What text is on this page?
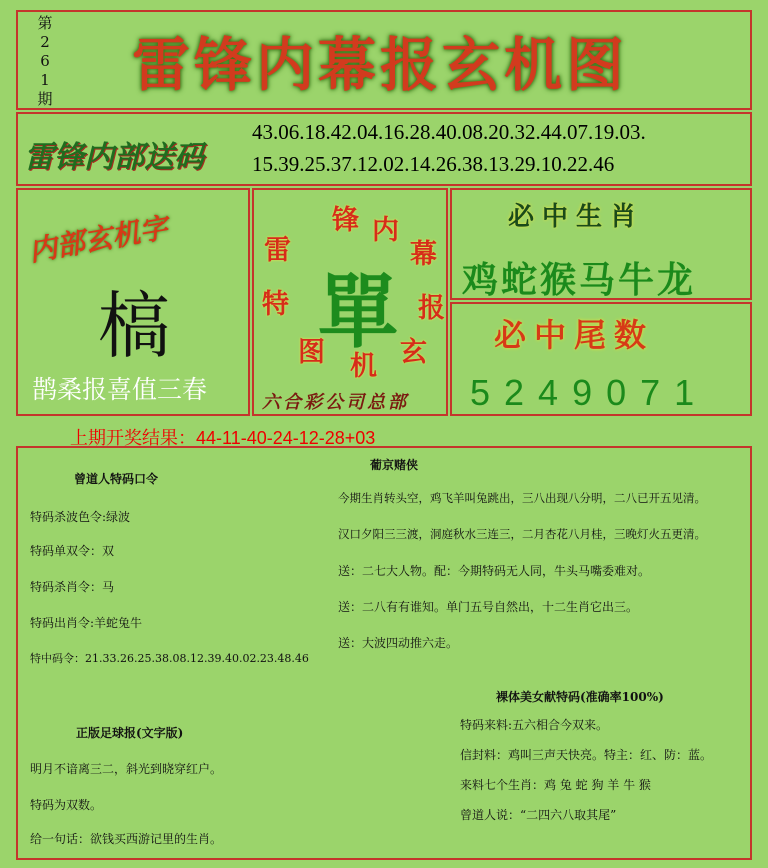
第
2
6
1
期	雷锋内幕报玄机图
雷锋内部送码
43.06.18.42.04.16.28.40.08.20.32.44.07.19.03.
15.39.25.37.12.02.14.26.38.13.29.10.22.46
内部玄机字
槁
鹊桑报喜值三春
雷
锋 内
幕
报
玄
机
图
特 單
六合彩公司总部
必中生肖
鸡蛇猴马牛龙
必中尾数
5249071
上期开奖结果：44-11-40-24-12-28+03
曾道人特码口令
特码杀波色令:绿波
特码单双令：双
特码杀肖令：马
特码出肖令:羊蛇兔牛
特中码令：21.33.26.25.38.08.12.39.40.02.23.48.46
正版足球报(文字版)
明月不谙离三二，斜光到晓穿红户。
特码为双数。
给一句话：欲钱买西游记里的生肖。
葡京赌侠
今期生肖转头空，鸡飞羊叫兔跳出，三八出现八分明，二八已开五见清。
汉口夕阳三三渡，洞庭秋水三连三，二月杏花八月桂，三晚灯火五更清。
送：二七大人物。配：今期特码无人同，牛头马嘴委难对。
送：二八有有谁知。单门五号自然出，十二生肖它出三。
送：大波四动推六走。
裸体美女献特码(准确率100%)
特码来料:五六相合今双来。
信封料：鸡叫三声天快亮。特主：红、防：蓝。
来料七个生肖：鸡 兔 蛇 狗 羊 牛 猴
曾道人说：“二四六八取其尾”
